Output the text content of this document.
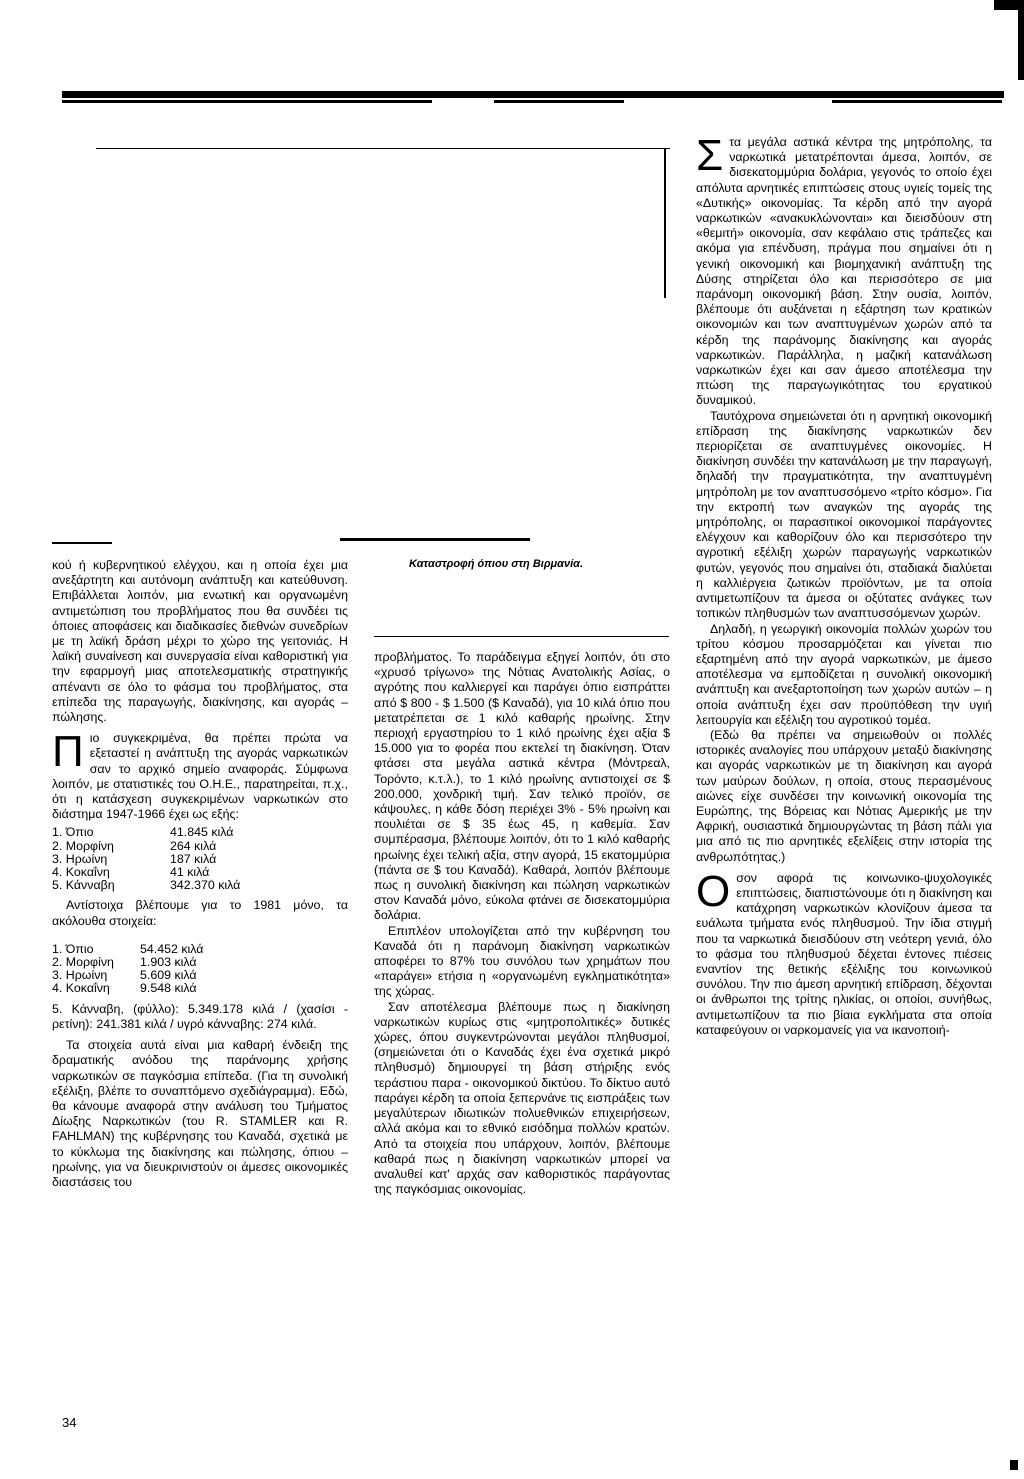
Καταστροφή όπιου στη Βιρμανία.

κού ή κυβερνητικού ελέγχου, και η οποία έχει μια ανεξάρτητη και αυτόνομη ανάπτυξη και κατεύθυνση. Επιβάλλεται λοιπόν, μια ενωτική και οργανωμένη αντιμετώπιση του προβλήματος που θα συνδέει τις όποιες αποφάσεις και διαδικασίες διεθνών συνεδρίων με τη λαϊκή δράση μέχρι το χώρο της γειτονιάς. Η λαϊκή συναίνεση και συνεργασία είναι καθοριστική για την εφαρμογή μιας αποτελεσματικής στρατηγικής απέναντι σε όλο το φάσμα του προβλήματος, στα επίπεδα της παραγωγής, διακίνησης, και αγοράς – πώλησης.

Πιο συγκεκριμένα, θα πρέπει πρώτα να εξεταστεί η ανάπτυξη της αγοράς ναρκωτικών σαν το αρχικό σημείο αναφοράς. Σύμφωνα λοιπόν, με στατιστικές του Ο.Η.Ε., παρατηρείται, π.χ., ότι η κατάσχεση συγκεκριμένων ναρκωτικών στο διάστημα 1947-1966 έχει ως εξής:

1. Όπιο	41.845 κιλά
2. Μορφίνη	264 κιλά
3. Ηρωίνη	187 κιλά
4. Κοκαΐνη	41 κιλά
5. Κάνναβη	342.370 κιλά

Αντίστοιχα βλέπουμε για το 1981 μόνο, τα ακόλουθα στοιχεία:

1. Όπιο	54.452 κιλά
2. Μορφίνη	1.903 κιλά
3. Ηρωίνη	5.609 κιλά
4. Κοκαΐνη	9.548 κιλά

5. Κάνναβη, (φύλλο): 5.349.178 κιλά / (χασίσι - ρετίνη): 241.381 κιλά / υγρό κάνναβης: 274 κιλά.

Τα στοιχεία αυτά είναι μια καθαρή ένδειξη της δραματικής ανόδου της παράνομης χρήσης ναρκωτικών σε παγκόσμια επίπεδα. (Για τη συνολική εξέλιξη, βλέπε το συναπτόμενο σχεδιάγραμμα). Εδώ, θα κάνουμε αναφορά στην ανάλυση του Τμήματος Δίωξης Ναρκωτικών (του R. STAMLER και R. FAHLMAN) της κυβέρνησης του Καναδά, σχετικά με το κύκλωμα της διακίνησης και πώλησης, όπιου – ηρωίνης, για να διευκρινιστούν οι άμεσες οικονομικές διαστάσεις του

προβλήματος. Το παράδειγμα εξηγεί λοιπόν, ότι στο «χρυσό τρίγωνο» της Νότιας Ανατολικής Ασίας, ο αγρότης που καλλιεργεί και παράγει όπιο εισπράττει από $ 800 - $ 1.500 ($ Καναδά), για 10 κιλά όπιο που μετατρέπεται σε 1 κιλό καθαρής ηρωίνης. Στην περιοχή εργαστηρίου το 1 κιλό ηρωίνης έχει αξία $ 15.000 για το φορέα που εκτελεί τη διακίνηση. Όταν φτάσει στα μεγάλα αστικά κέντρα (Μόντρεαλ, Τορόντο, κ.τ.λ.), το 1 κιλό ηρωίνης αντιστοιχεί σε $ 200.000, χονδρική τιμή. Σαν τελικό προϊόν, σε κάψουλες, η κάθε δόση περιέχει 3% - 5% ηρωίνη και πουλιέται σε $ 35 έως 45, η καθεμία. Σαν συμπέρασμα, βλέπουμε λοιπόν, ότι το 1 κιλό καθαρής ηρωίνης έχει τελική αξία, στην αγορά, 15 εκατομμύρια (πάντα σε $ του Καναδά). Καθαρά, λοιπόν βλέπουμε πως η συνολική διακίνηση και πώληση ναρκωτικών στον Καναδά μόνο, εύκολα φτάνει σε δισεκατομμύρια δολάρια.

Επιπλέον υπολογίζεται από την κυβέρνηση του Καναδά ότι η παράνομη διακίνηση ναρκωτικών αποφέρει το 87% του συνόλου των χρημάτων που «παράγει» ετήσια η «οργανωμένη εγκληματικότητα» της χώρας.

Σαν αποτέλεσμα βλέπουμε πως η διακίνηση ναρκωτικών κυρίως στις «μητροπολιτικές» δυτικές χώρες, όπου συγκεντρώνονται μεγάλοι πληθυσμοί, (σημειώνεται ότι ο Καναδάς έχει ένα σχετικά μικρό πληθυσμό) δημιουργεί τη βάση στήριξης ενός τεράστιου παρα - οικονομικού δικτύου. Το δίκτυο αυτό παράγει κέρδη τα οποία ξεπερνάνε τις εισπράξεις των μεγαλύτερων ιδιωτικών πολυεθνικών επιχειρήσεων, αλλά ακόμα και το εθνικό εισόδημα πολλών κρατών. Από τα στοιχεία που υπάρχουν, λοιπόν, βλέπουμε καθαρά πως η διακίνηση ναρκωτικών μπορεί να αναλυθεί κατ' αρχάς σαν καθοριστικός παράγοντας της παγκόσμιας οικονομίας.

Στα μεγάλα αστικά κέντρα της μητρόπολης, τα ναρκωτικά μετατρέπονται άμεσα, λοιπόν, σε δισεκατομμύρια δολάρια, γεγονός το οποίο έχει απόλυτα αρνητικές επιπτώσεις στους υγιείς τομείς της «Δυτικής» οικονομίας. Τα κέρδη από την αγορά ναρκωτικών «ανακυκλώνονται» και διεισδύουν στη «θεμιτή» οικονομία, σαν κεφάλαιο στις τράπεζες και ακόμα για επένδυση, πράγμα που σημαίνει ότι η γενική οικονομική και βιομηχανική ανάπτυξη της Δύσης στηρίζεται όλο και περισσότερο σε μια παράνομη οικονομική βάση. Στην ουσία, λοιπόν, βλέπουμε ότι αυξάνεται η εξάρτηση των κρατικών οικονομιών και των αναπτυγμένων χωρών από τα κέρδη της παράνομης διακίνησης και αγοράς ναρκωτικών. Παράλληλα, η μαζική κατανάλωση ναρκωτικών έχει και σαν άμεσο αποτέλεσμα την πτώση της παραγωγικότητας του εργατικού δυναμικού.

Ταυτόχρονα σημειώνεται ότι η αρνητική οικονομική επίδραση της διακίνησης ναρκωτικών δεν περιορίζεται σε αναπτυγμένες οικονομίες. Η διακίνηση συνδέει την κατανάλωση με την παραγωγή, δηλαδή την πραγματικότητα, την αναπτυγμένη μητρόπολη με τον αναπτυσσόμενο «τρίτο κόσμο». Για την εκτροπή των αναγκών της αγοράς της μητρόπολης, οι παρασιτικοί οικονομικοί παράγοντες ελέγχουν και καθορίζουν όλο και περισσότερο την αγροτική εξέλιξη χωρών παραγωγής ναρκωτικών φυτών, γεγονός που σημαίνει ότι, σταδιακά διαλύεται η καλλιέργεια ζωτικών προϊόντων, με τα οποία αντιμετωπίζουν τα άμεσα οι οξύτατες ανάγκες των τοπικών πληθυσμών των αναπτυσσόμενων χωρών.

Δηλαδή, η γεωργική οικονομία πολλών χωρών του τρίτου κόσμου προσαρμόζεται και γίνεται πιο εξαρτημένη από την αγορά ναρκωτικών, με άμεσο αποτέλεσμα να εμποδίζεται η συνολική οικονομική ανάπτυξη και ανεξαρτοποίηση των χωρών αυτών – η οποία ανάπτυξη έχει σαν προϋπόθεση την υγιή λειτουργία και εξέλιξη του αγροτικού τομέα.

(Εδώ θα πρέπει να σημειωθούν οι πολλές ιστορικές αναλογίες που υπάρχουν μεταξύ διακίνησης και αγοράς ναρκωτικών με τη διακίνηση και αγορά των μαύρων δούλων, η οποία, στους περασμένους αιώνες είχε συνδέσει την κοινωνική οικονομία της Ευρώπης, της Βόρειας και Νότιας Αμερικής με την Αφρική, ουσιαστικά δημιουργώντας τη βάση πάλι για μια από τις πιο αρνητικές εξελίξεις στην ιστορία της ανθρωπότητας.)

Οσον αφορά τις κοινωνικο-ψυχολογικές επιπτώσεις, διαπιστώνουμε ότι η διακίνηση και κατάχρηση ναρκωτικών κλονίζουν άμεσα τα ευάλωτα τμήματα ενός πληθυσμού. Την ίδια στιγμή που τα ναρκωτικά διεισδύουν στη νεότερη γενιά, όλο το φάσμα του πληθυσμού δέχεται έντονες πιέσεις εναντίον της θετικής εξέλιξης του κοινωνικού συνόλου. Την πιο άμεση αρνητική επίδραση, δέχονται οι άνθρωποι της τρίτης ηλικίας, οι οποίοι, συνήθως, αντιμετωπίζουν τα πιο βίαια εγκλήματα στα οποία καταφεύγουν οι ναρκομανείς για να ικανοποιή-

34
